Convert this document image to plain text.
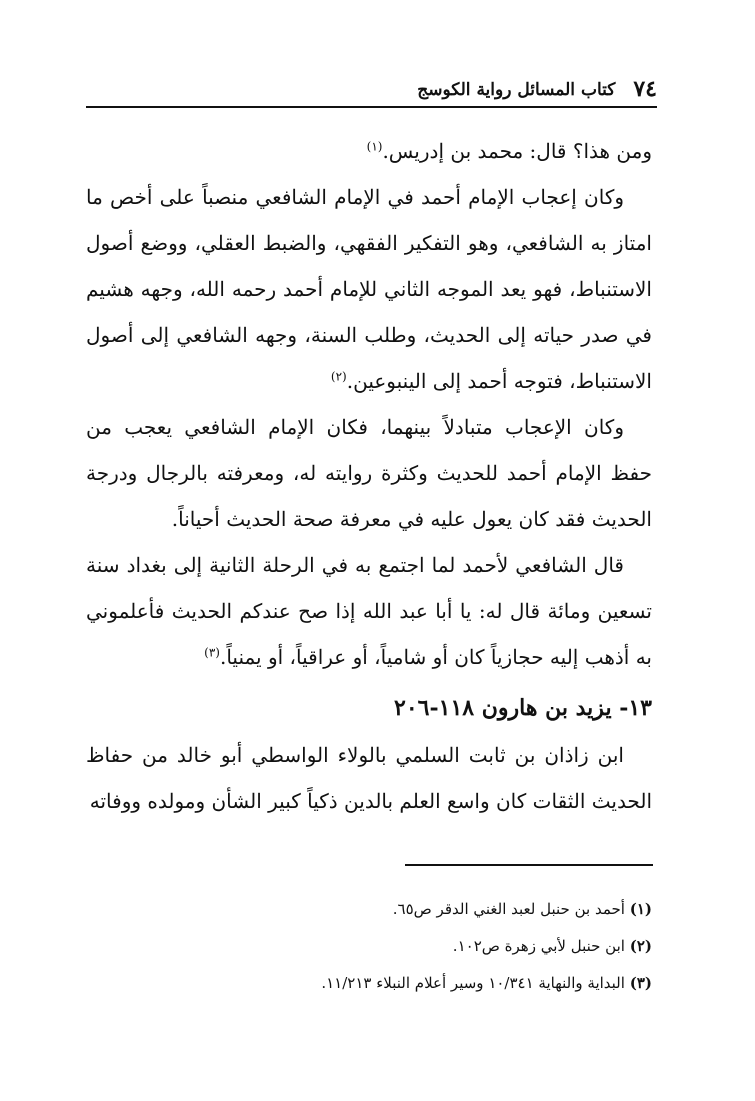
٧٤
كتاب المسائل رواية الكوسج

ومن هذا؟ قال: محمد بن إدريس.$^{(١)}$

وكان إعجاب الإمام أحمد في الإمام الشافعي منصباً على أخص ما امتاز به الشافعي، وهو التفكير الفقهي، والضبط العقلي، ووضع أصول الاستنباط، فهو يعد الموجه الثاني للإمام أحمد رحمه الله، وجهه هشيم في صدر حياته إلى الحديث، وطلب السنة، وجهه الشافعي إلى أصول الاستنباط، فتوجه أحمد إلى الينبوعين.$^{(٢)}$

وكان الإعجاب متبادلاً بينهما، فكان الإمام الشافعي يعجب من حفظ الإمام أحمد للحديث وكثرة روايته له، ومعرفته بالرجال ودرجة الحديث فقد كان يعول عليه في معرفة صحة الحديث أحياناً.

قال الشافعي لأحمد لما اجتمع به في الرحلة الثانية إلى بغداد سنة تسعين ومائة قال له: يا أبا عبد الله إذا صح عندكم الحديث فأعلموني به أذهب إليه حجازياً كان أو شامياً، أو عراقياً، أو يمنياً.$^{(٣)}$

١٣- يزيد بن هارون ١١٨-٢٠٦

ابن زاذان بن ثابت السلمي بالولاء الواسطي أبو خالد من حفاظ الحديث الثقات كان واسع العلم بالدين ذكياً كبير الشأن ومولده ووفاته

(١) أحمد بن حنبل لعبد الغني الدقر ص٦٥.

(٢) ابن حنبل لأبي زهرة ص١٠٢.

(٣) البداية والنهاية ١٠/٣٤١ وسير أعلام النبلاء ١١/٢١٣.
